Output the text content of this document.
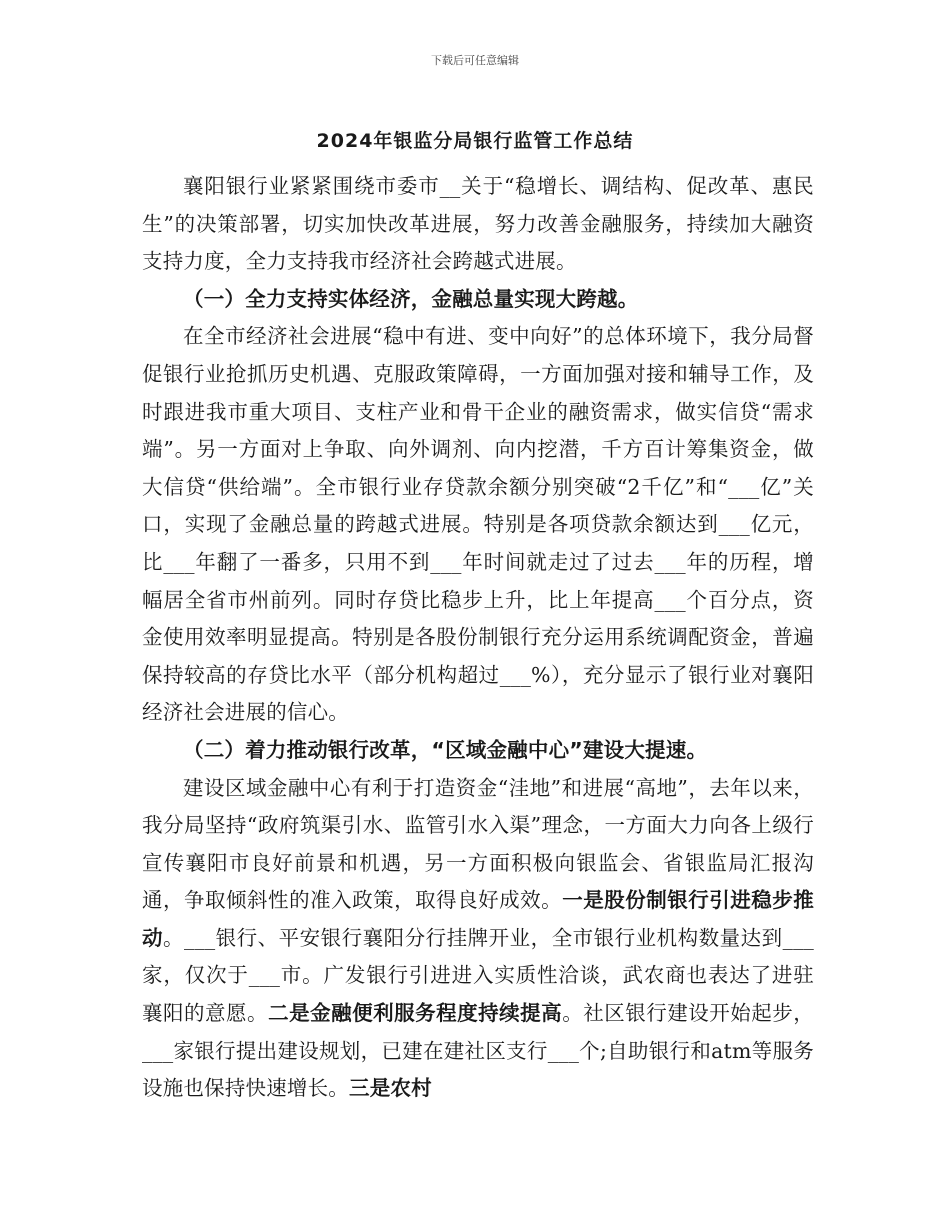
下载后可任意编辑
2024年银监分局银行监管工作总结

襄阳银行业紧紧围绕市委市__关于“稳增长、调结构、促改革、惠民生”的决策部署，切实加快改革进展，努力改善金融服务，持续加大融资支持力度，全力支持我市经济社会跨越式进展。

（一）全力支持实体经济，金融总量实现大跨越。

在全市经济社会进展“稳中有进、变中向好”的总体环境下，我分局督促银行业抢抓历史机遇、克服政策障碍，一方面加强对接和辅导工作，及时跟进我市重大项目、支柱产业和骨干企业的融资需求，做实信贷“需求端”。另一方面对上争取、向外调剂、向内挖潜，千方百计筹集资金，做大信贷“供给端”。全市银行业存贷款余额分别突破“2千亿”和“___亿”关口，实现了金融总量的跨越式进展。特别是各项贷款余额达到___亿元，比___年翻了一番多，只用不到___年时间就走过了过去___年的历程，增幅居全省市州前列。同时存贷比稳步上升，比上年提高___个百分点，资金使用效率明显提高。特别是各股份制银行充分运用系统调配资金，普遍保持较高的存贷比水平（部分机构超过___%），充分显示了银行业对襄阳经济社会进展的信心。

（二）着力推动银行改革，“区域金融中心”建设大提速。

建设区域金融中心有利于打造资金“洼地”和进展“高地”，去年以来，我分局坚持“政府筑渠引水、监管引水入渠”理念，一方面大力向各上级行宣传襄阳市良好前景和机遇，另一方面积极向银监会、省银监局汇报沟通，争取倾斜性的准入政策，取得良好成效。一是股份制银行引进稳步推动。___银行、平安银行襄阳分行挂牌开业，全市银行业机构数量达到___家，仅次于___市。广发银行引进进入实质性洽谈，武农商也表达了进驻襄阳的意愿。二是金融便利服务程度持续提高。社区银行建设开始起步，___家银行提出建设规划，已建在建社区支行___个;自助银行和atm等服务设施也保持快速增长。三是农村
